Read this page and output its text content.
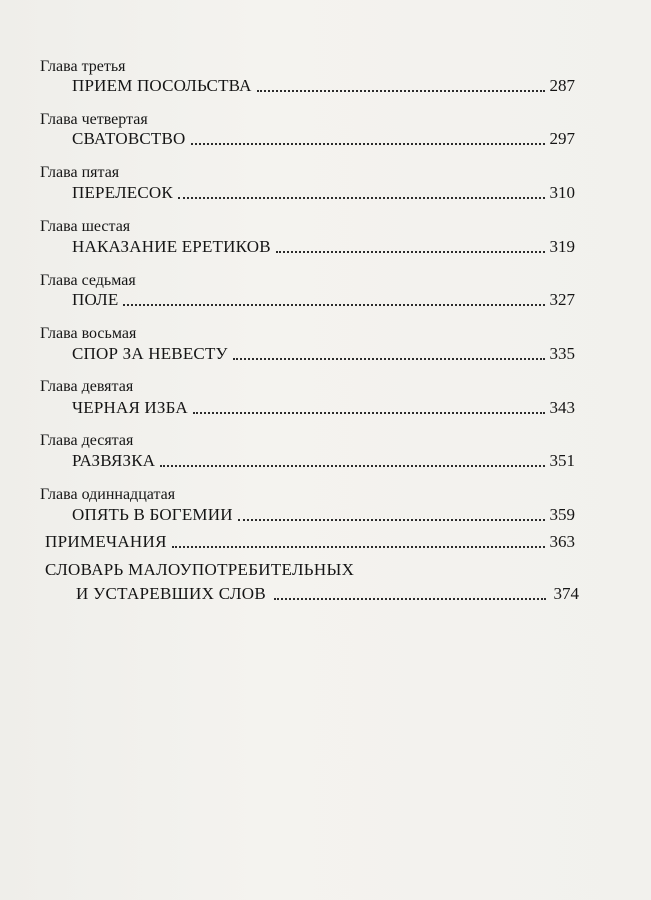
Глава третья
ПРИЕМ ПОСОЛЬСТВА	287
Глава четвертая
СВАТОВСТВО	297
Глава пятая
ПЕРЕЛЕСОК	310
Глава шестая
НАКАЗАНИЕ ЕРЕТИКОВ	319
Глава седьмая
ПОЛЕ	327
Глава восьмая
СПОР ЗА НЕВЕСТУ	335
Глава девятая
ЧЕРНАЯ ИЗБА	343
Глава десятая
РАЗВЯЗКА	351
Глава одиннадцатая
ОПЯТЬ В БОГЕМИИ	359
ПРИМЕЧАНИЯ	363
СЛОВАРЬ МАЛОУПОТРЕБИТЕЛЬНЫХ
И УСТАРЕВШИХ СЛОВ	374
